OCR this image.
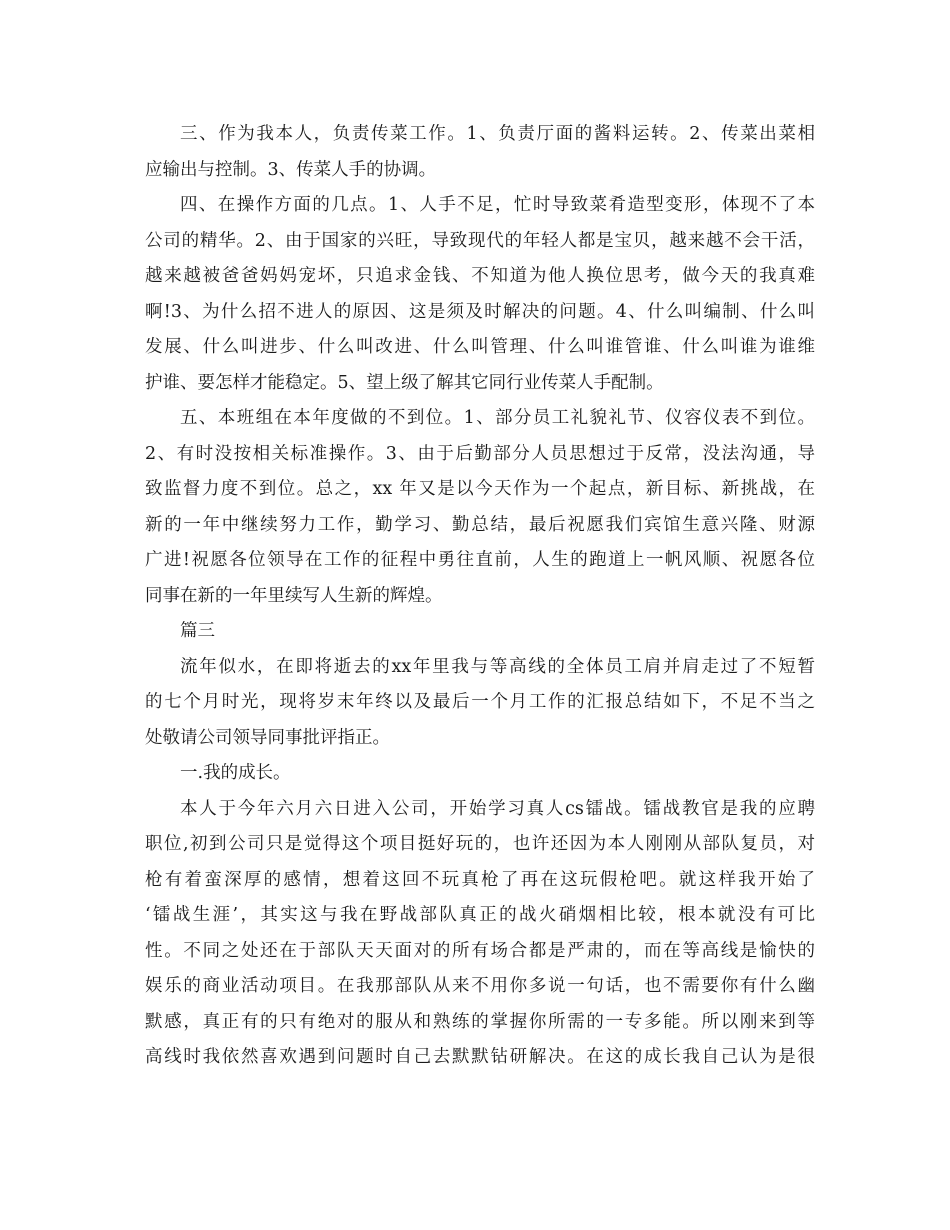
三、作为我本人，负责传菜工作。1、负责厅面的酱料运转。2、传菜出菜相
应输出与控制。3、传菜人手的协调。
四、在操作方面的几点。1、人手不足，忙时导致菜肴造型变形，体现不了本
公司的精华。2、由于国家的兴旺，导致现代的年轻人都是宝贝，越来越不会干活，
越来越被爸爸妈妈宠坏，只追求金钱、不知道为他人换位思考，做今天的我真难
啊!3、为什么招不进人的原因、这是须及时解决的问题。4、什么叫编制、什么叫
发展、什么叫进步、什么叫改进、什么叫管理、什么叫谁管谁、什么叫谁为谁维
护谁、要怎样才能稳定。5、望上级了解其它同行业传菜人手配制。
五、本班组在本年度做的不到位。1、部分员工礼貌礼节、仪容仪表不到位。
2、有时没按相关标准操作。3、由于后勤部分人员思想过于反常，没法沟通，导
致监督力度不到位。总之，xx 年又是以今天作为一个起点，新目标、新挑战，在
新的一年中继续努力工作，勤学习、勤总结，最后祝愿我们宾馆生意兴隆、财源
广进!祝愿各位领导在工作的征程中勇往直前，人生的跑道上一帆风顺、祝愿各位
同事在新的一年里续写人生新的辉煌。
篇三
流年似水，在即将逝去的xx年里我与等高线的全体员工肩并肩走过了不短暂
的七个月时光，现将岁末年终以及最后一个月工作的汇报总结如下，不足不当之
处敬请公司领导同事批评指正。
一.我的成长。
本人于今年六月六日进入公司，开始学习真人cs镭战。镭战教官是我的应聘
职位,初到公司只是觉得这个项目挺好玩的，也许还因为本人刚刚从部队复员，对
枪有着蛮深厚的感情，想着这回不玩真枪了再在这玩假枪吧。就这样我开始了
‘镭战生涯’，其实这与我在野战部队真正的战火硝烟相比较，根本就没有可比
性。不同之处还在于部队天天面对的所有场合都是严肃的，而在等高线是愉快的
娱乐的商业活动项目。在我那部队从来不用你多说一句话，也不需要你有什么幽
默感，真正有的只有绝对的服从和熟练的掌握你所需的一专多能。所以刚来到等
高线时我依然喜欢遇到问题时自己去默默钻研解决。在这的成长我自己认为是很
